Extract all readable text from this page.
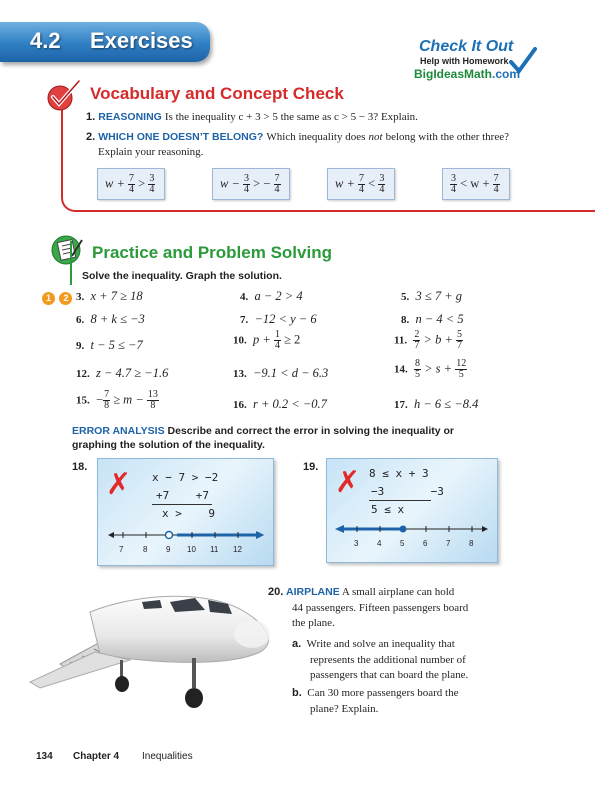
4.2 Exercises	Check It Out
Help with Homework
BigIdeasMath.com
Vocabulary and Concept Check
1. REASONING Is the inequality c + 3 > 5 the same as c > 5 − 3? Explain.
2. WHICH ONE DOESN’T BELONG? Which inequality does not belong with the other three?
Explain your reasoning.
$w + \frac{7}{4} > \frac{3}{4}$	$w - \frac{3}{4}$ > − $\frac{7}{4}$	$w + \frac{7}{4} < \frac{3}{4}$	$\frac{3}{4} < w + \frac{7}{4}$
Practice and Problem Solving
Solve the inequality. Graph the solution.
1 2 3. x + 7 ≥ 18	4. a − 2 > 4	5. 3 ≤ 7 + g
6. 8 + k ≤ −3	7. −12 < y − 6	8. n − 4 < 5
9. t − 5 ≤ −7	10. $p + \frac{1}{4} \ge 2$	11. $\frac{2}{7} > b + \frac{5}{7}$
12. z − 4.7 ≥ −1.6	13. −9.1 < d − 6.3	14. $\frac{8}{5} > s + \frac{12}{5}$
15. − $\frac{7}{8} \ge m - \frac{13}{8}$	16. r + 0.2 < −0.7	17. h − 6 ≤ −8.4
ERROR ANALYSIS Describe and correct the error in solving the inequality or
graphing the solution of the inequality.
18. ✗ x − 7 > −2
+7    +7
x >    9
7 8 9 10 11 12
19. ✗ 8 ≤ x + 3
−3       −3
5 ≤ x
3 4 5 6 7 8
20. AIRPLANE A small airplane can hold
44 passengers. Fifteen passengers board
the plane.
a. Write and solve an inequality that
represents the additional number of
passengers that can board the plane.
b. Can 30 more passengers board the
plane? Explain.
134 Chapter 4 Inequalities
